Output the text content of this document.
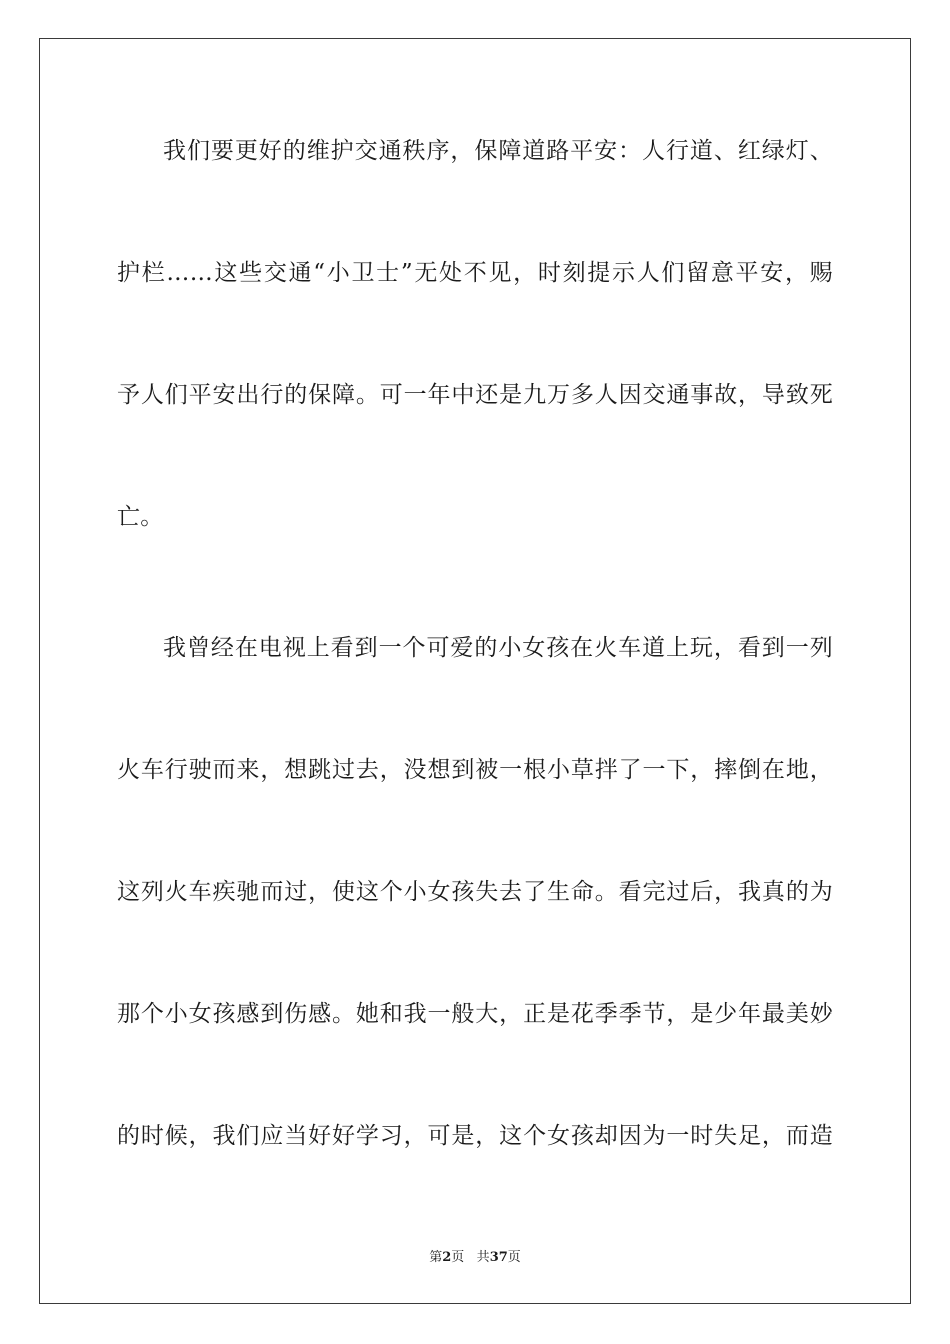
我们要更好的维护交通秩序，保障道路平安：人行道、红绿灯、
护栏……这些交通“小卫士”无处不见，时刻提示人们留意平安，赐
予人们平安出行的保障。可一年中还是九万多人因交通事故，导致死
亡。
我曾经在电视上看到一个可爱的小女孩在火车道上玩，看到一列
火车行驶而来，想跳过去，没想到被一根小草拌了一下，摔倒在地，
这列火车疾驰而过，使这个小女孩失去了生命。看完过后，我真的为
那个小女孩感到伤感。她和我一般大，正是花季季节，是少年最美妙
的时候，我们应当好好学习，可是，这个女孩却因为一时失足，而造
第2页 共37页
